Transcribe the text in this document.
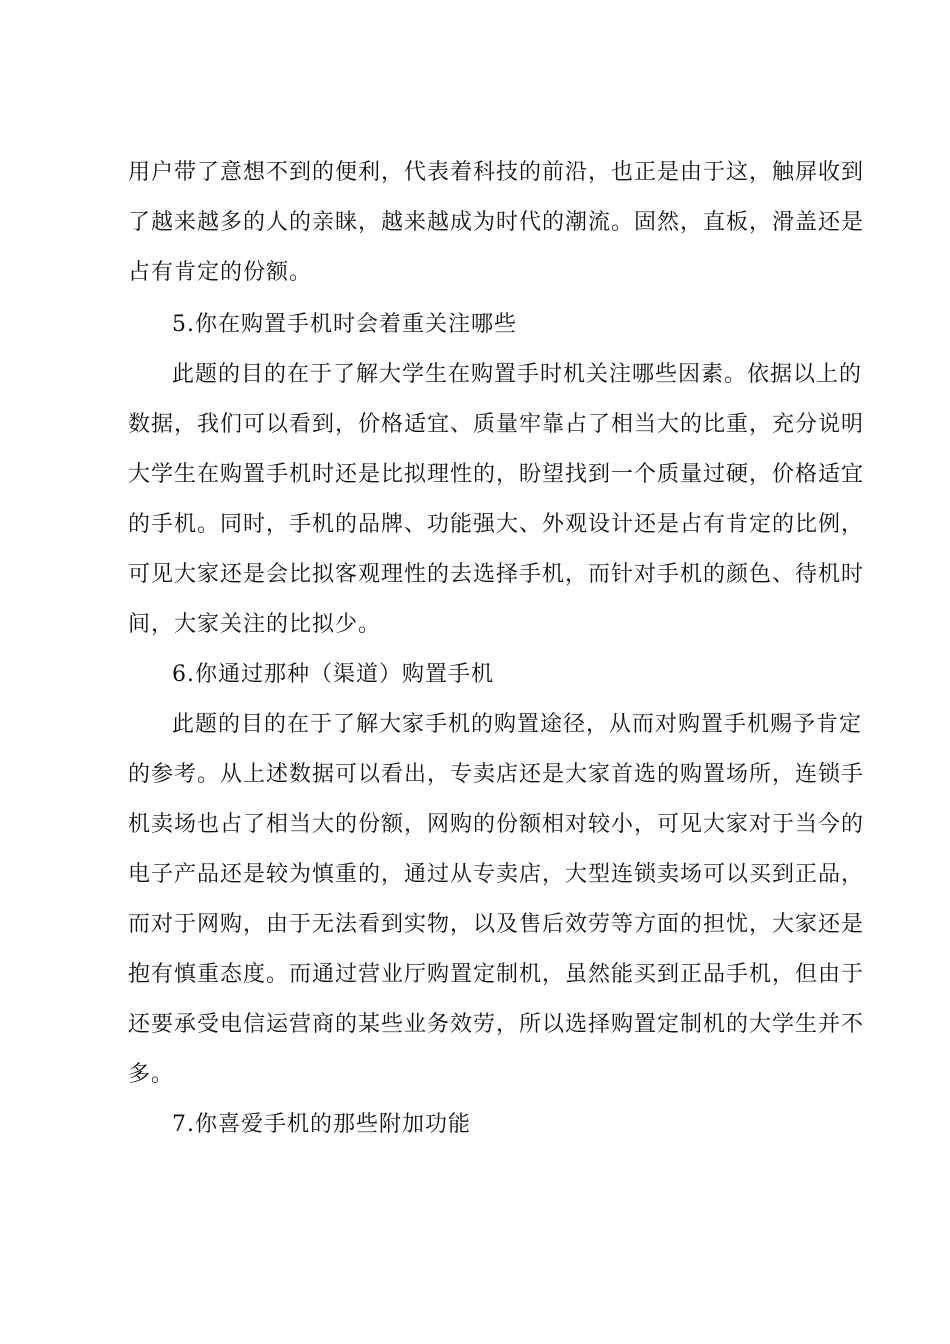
用户带了意想不到的便利，代表着科技的前沿，也正是由于这，触屏收到
了越来越多的人的亲睐，越来越成为时代的潮流。固然，直板，滑盖还是
占有肯定的份额。
5.你在购置手机时会着重关注哪些
此题的目的在于了解大学生在购置手时机关注哪些因素。依据以上的
数据，我们可以看到，价格适宜、质量牢靠占了相当大的比重，充分说明
大学生在购置手机时还是比拟理性的，盼望找到一个质量过硬，价格适宜
的手机。同时，手机的品牌、功能强大、外观设计还是占有肯定的比例，
可见大家还是会比拟客观理性的去选择手机，而针对手机的颜色、待机时
间，大家关注的比拟少。
6.你通过那种（渠道）购置手机
此题的目的在于了解大家手机的购置途径，从而对购置手机赐予肯定
的参考。从上述数据可以看出，专卖店还是大家首选的购置场所，连锁手
机卖场也占了相当大的份额，网购的份额相对较小，可见大家对于当今的
电子产品还是较为慎重的，通过从专卖店，大型连锁卖场可以买到正品，
而对于网购，由于无法看到实物，以及售后效劳等方面的担忧，大家还是
抱有慎重态度。而通过营业厅购置定制机，虽然能买到正品手机，但由于
还要承受电信运营商的某些业务效劳，所以选择购置定制机的大学生并不
多。
7.你喜爱手机的那些附加功能
